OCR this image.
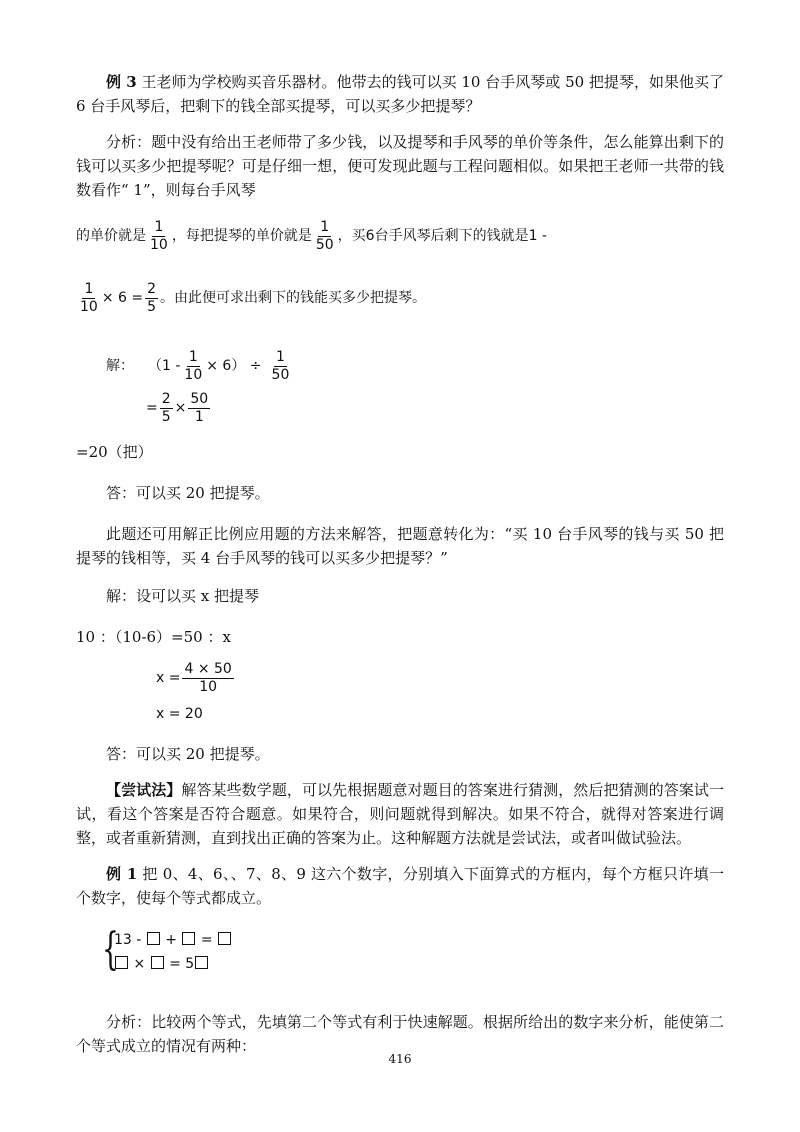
例 3 王老师为学校购买音乐器材。他带去的钱可以买 10 台手风琴或 50 把提琴，如果他买了 6 台手风琴后，把剩下的钱全部买提琴，可以买多少把提琴？
分析：题中没有给出王老师带了多少钱，以及提琴和手风琴的单价等条件，怎么能算出剩下的钱可以买多少把提琴呢？可是仔细一想，便可发现此题与工程问题相似。如果把王老师一共带的钱数看作“ 1”，则每台手风琴
的单价就是 $\frac{1}{10}$ ，每把提琴的单价就是 $\frac{1}{50}$ ，买6台手风琴后剩下的钱就是1 -
$\frac{1}{10} \times 6 = \frac{2}{5}$ 。由此便可求出剩下的钱能买多少把提琴。
解： $(1 - \frac{1}{10} \times 6) \div \frac{1}{50}$
= $\frac{2}{5} \times \frac{50}{1}$
=20（把）
答：可以买 20 把提琴。
此题还可用解正比例应用题的方法来解答，把题意转化为：“买 10 台手风琴的钱与买 50 把提琴的钱相等，买 4 台手风琴的钱可以买多少把提琴？”
解：设可以买 x 把提琴
10 ：（10-6）=50 ：x
$x = \frac{4 \times 50}{10}$
x = 20
答：可以买 20 把提琴。
【尝试法】解答某些数学题，可以先根据题意对题目的答案进行猜测，然后把猜测的答案试一试，看这个答案是否符合题意。如果符合，则问题就得到解决。如果不符合，就得对答案进行调整，或者重新猜测，直到找出正确的答案为止。这种解题方法就是尝试法，或者叫做试验法。
例 1 把 0、4、6、、7、8、9 这六个数字，分别填入下面算式的方框内，每个方框只许填一个数字，使每个等式都成立。
{
13 - + =
× = 5
分析：比较两个等式，先填第二个等式有利于快速解题。根据所给出的数字来分析，能使第二个等式成立的情况有两种：
416
